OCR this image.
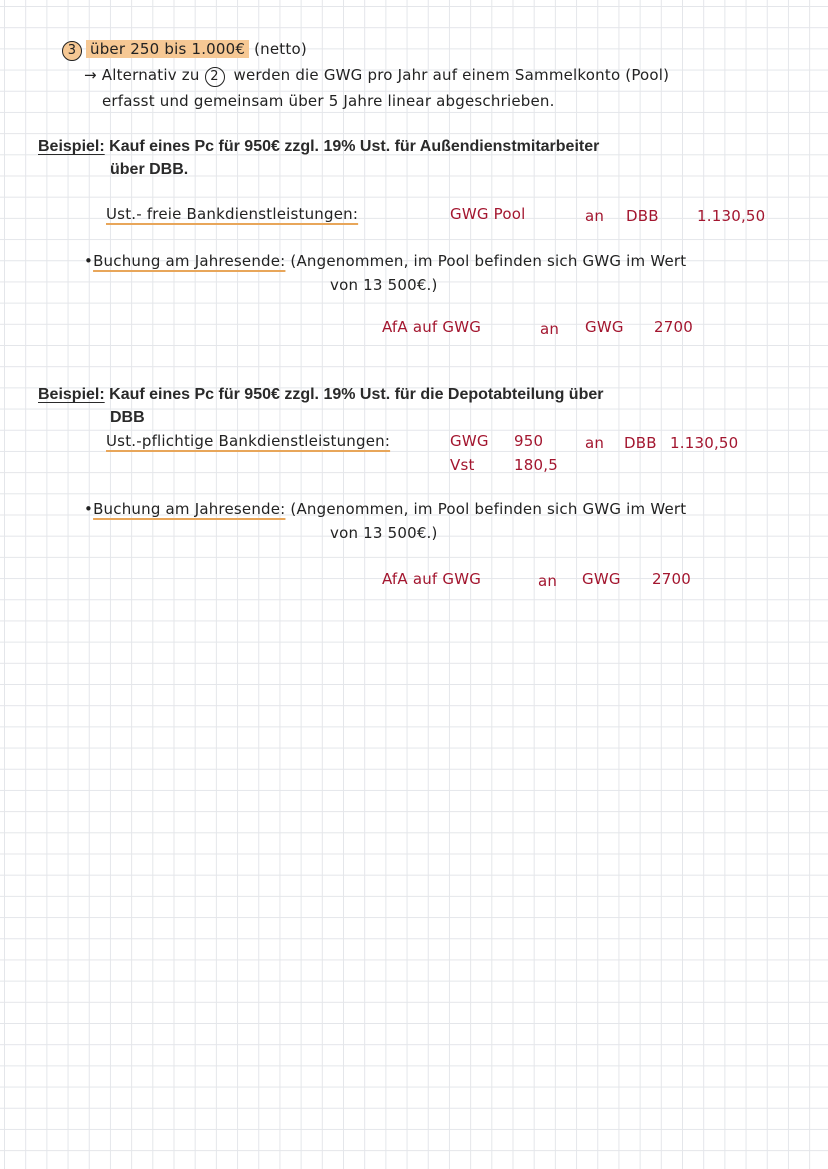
3 über 250 bis 1.000€ (netto)
→ Alternativ zu 2 werden die GWG pro Jahr auf einem Sammelkonto (Pool)
erfasst und gemeinsam über 5 Jahre linear abgeschrieben.
Beispiel: Kauf eines Pc für 950€ zzgl. 19% Ust. für Außendienstmitarbeiter
über DBB.
Ust.- freie Bankdienstleistungen:	GWG Pool	an DBB	1.130,50
•Buchung am Jahresende: (Angenommen, im Pool befinden sich GWG im Wert
von 13 500€.)
AfA auf GWG	an GWG 2700
Beispiel: Kauf eines Pc für 950€ zzgl. 19% Ust. für die Depotabteilung über
DBB
Ust.-pflichtige Bankdienstleistungen:	GWG 950
Vst	180,5
an DBB 1.130,50
•Buchung am Jahresende: (Angenommen, im Pool befinden sich GWG im Wert
von 13 500€.)
AfA auf GWG	an GWG 2700
